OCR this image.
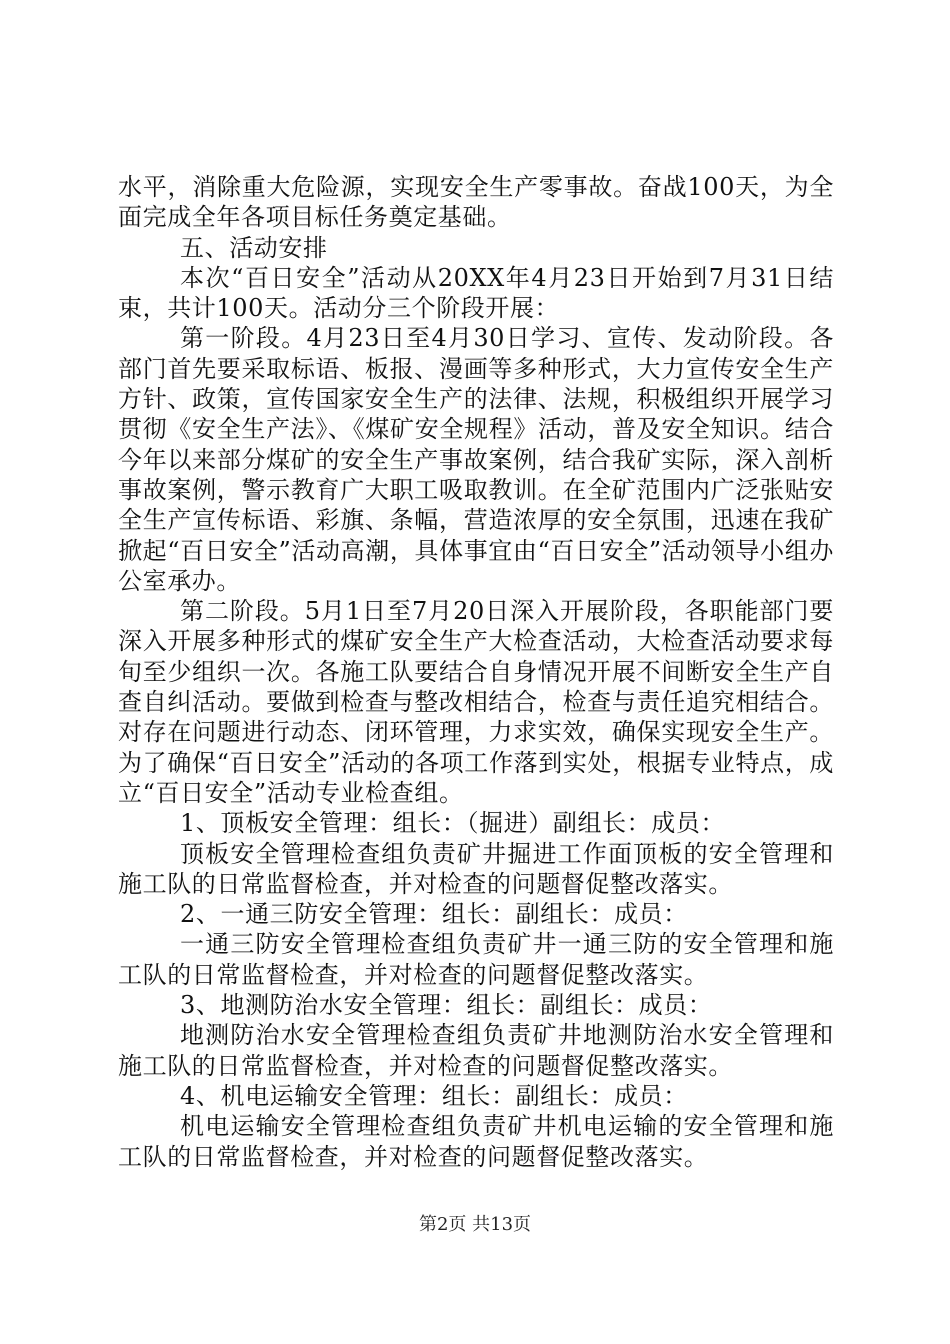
水平，消除重大危险源，实现安全生产零事故。奋战100天，为全面完成全年各项目标任务奠定基础。

五、活动安排

本次“百日安全”活动从20XX年4月23日开始到7月31日结束，共计100天。活动分三个阶段开展：

第一阶段。4月23日至4月30日学习、宣传、发动阶段。各部门首先要采取标语、板报、漫画等多种形式，大力宣传安全生产方针、政策，宣传国家安全生产的法律、法规，积极组织开展学习贯彻《安全生产法》、《煤矿安全规程》活动，普及安全知识。结合今年以来部分煤矿的安全生产事故案例，结合我矿实际，深入剖析事故案例，警示教育广大职工吸取教训。在全矿范围内广泛张贴安全生产宣传标语、彩旗、条幅，营造浓厚的安全氛围，迅速在我矿掀起“百日安全”活动高潮，具体事宜由“百日安全”活动领导小组办公室承办。

第二阶段。5月1日至7月20日深入开展阶段，各职能部门要深入开展多种形式的煤矿安全生产大检查活动，大检查活动要求每旬至少组织一次。各施工队要结合自身情况开展不间断安全生产自查自纠活动。要做到检查与整改相结合，检查与责任追究相结合。对存在问题进行动态、闭环管理，力求实效，确保实现安全生产。为了确保“百日安全”活动的各项工作落到实处，根据专业特点，成立“百日安全”活动专业检查组。

1、顶板安全管理：组长：（掘进）副组长：成员：

顶板安全管理检查组负责矿井掘进工作面顶板的安全管理和施工队的日常监督检查，并对检查的问题督促整改落实。

2、一通三防安全管理：组长：副组长：成员：

一通三防安全管理检查组负责矿井一通三防的安全管理和施工队的日常监督检查，并对检查的问题督促整改落实。

3、地测防治水安全管理：组长：副组长：成员：

地测防治水安全管理检查组负责矿井地测防治水安全管理和施工队的日常监督检查，并对检查的问题督促整改落实。

4、机电运输安全管理：组长：副组长：成员：

机电运输安全管理检查组负责矿井机电运输的安全管理和施工队的日常监督检查，并对检查的问题督促整改落实。

第2页 共13页
